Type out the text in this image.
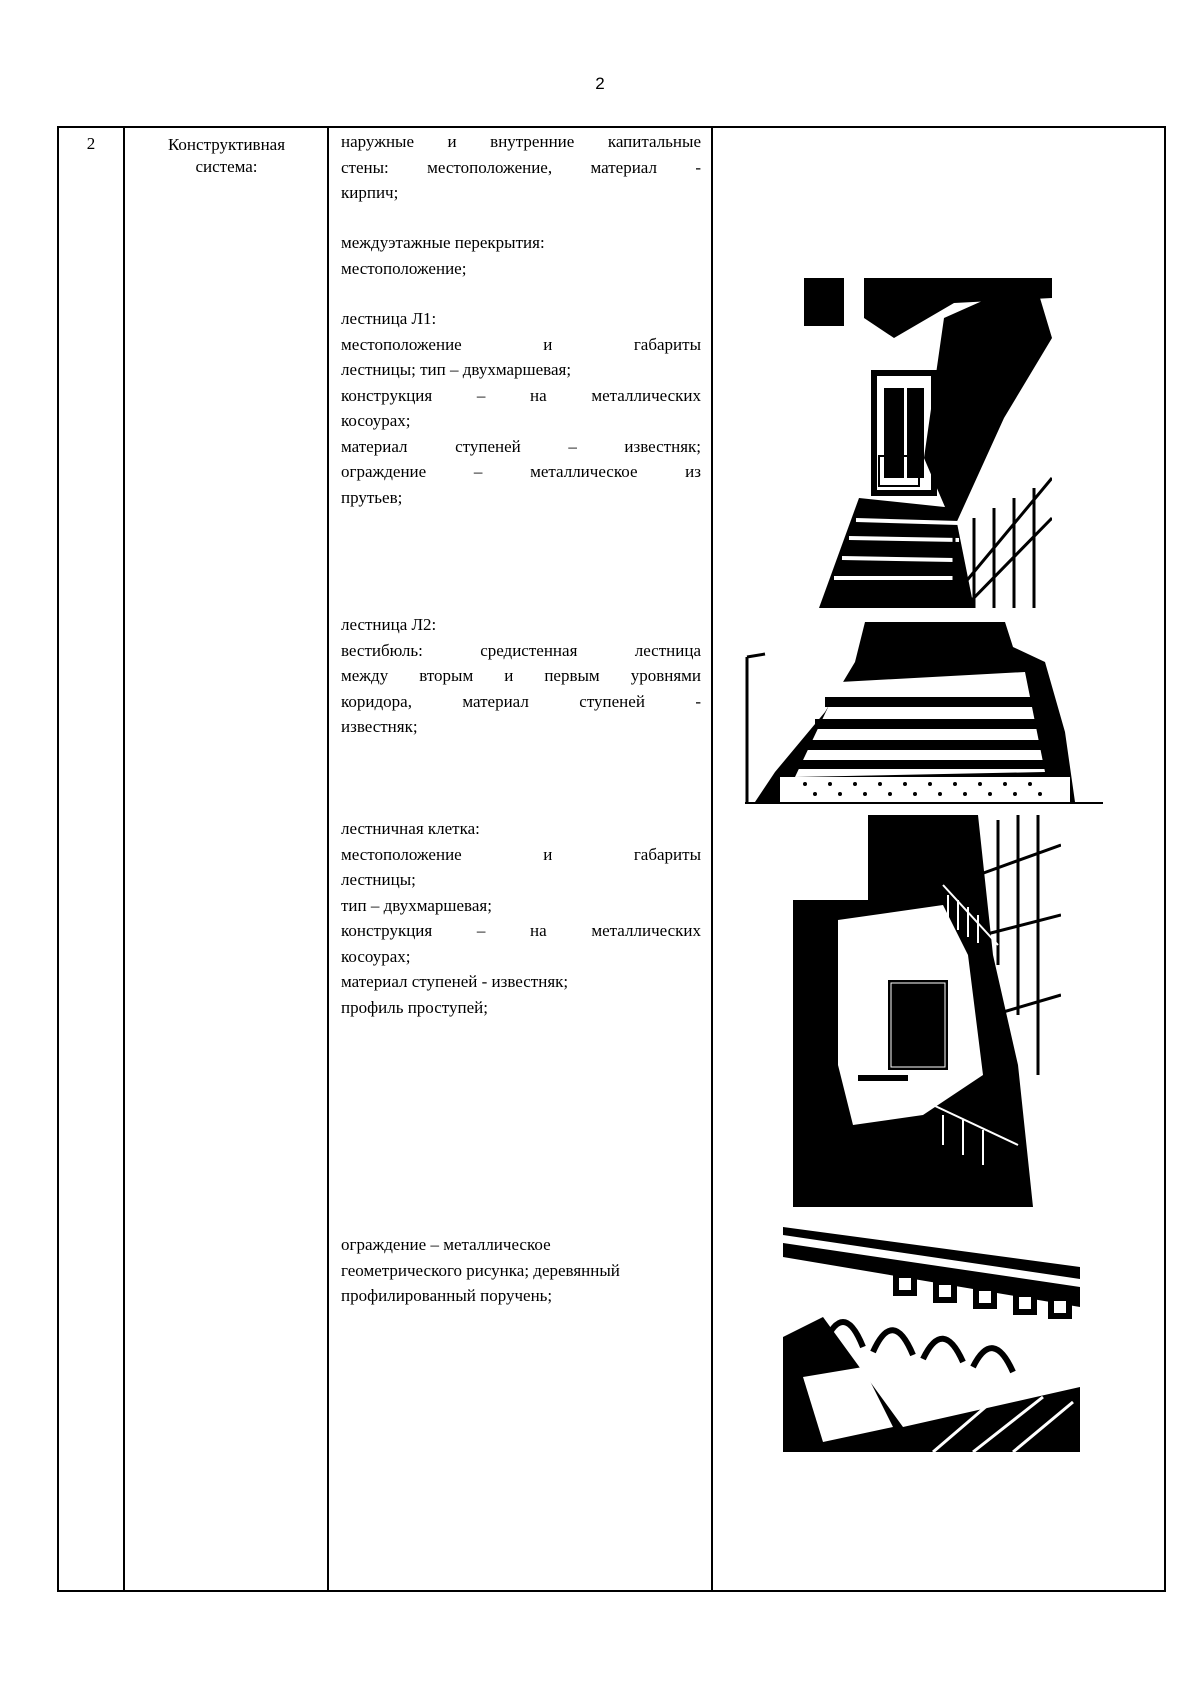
2
2	Конструктивная
система:

наружные и внутренние капитальные

стены: местоположение, материал -

кирпич;

междуэтажные перекрытия:

местоположение;

лестница Л1:

местоположение и габариты

лестницы; тип – двухмаршевая;

конструкция – на металлических

косоурах;

материал ступеней – известняк;

ограждение – металлическое из

прутьев;

лестница Л2:

вестибюль: средистенная лестница

между вторым и первым уровнями

коридора, материал ступеней -

известняк;

лестничная клетка:

местоположение и габариты

лестницы;

тип – двухмаршевая;

конструкция – на металлических

косоурах;

материал ступеней - известняк;

профиль проступей;

ограждение – металлическое

геометрического рисунка; деревянный

профилированный поручень;
